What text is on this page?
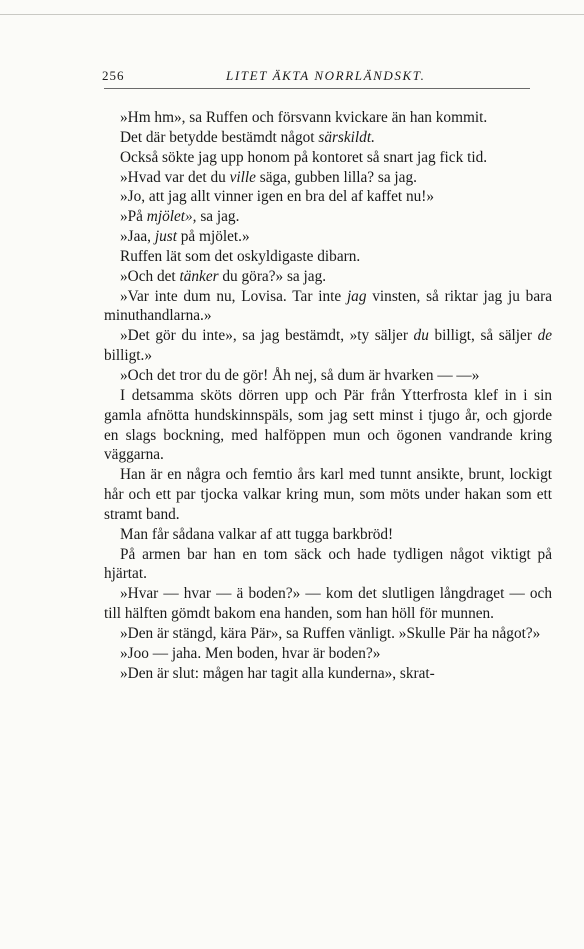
256	LITET ÄKTA NORRLÄNDSKT.

»Hm hm», sa Ruffen och försvann kvickare än han kommit.

Det där betydde bestämdt något särskildt.

Också sökte jag upp honom på kontoret så snart jag fick tid.

»Hvad var det du ville säga, gubben lilla? sa jag.

»Jo, att jag allt vinner igen en bra del af kaffet nu!»

»På mjölet», sa jag.

»Jaa, just på mjölet.»

Ruffen lät som det oskyldigaste dibarn.

»Och det tänker du göra?» sa jag.

»Var inte dum nu, Lovisa. Tar inte jag vinsten, så riktar jag ju bara minuthandlarna.»

»Det gör du inte», sa jag bestämdt, »ty säljer du billigt, så säljer de billigt.»

»Och det tror du de gör! Åh nej, så dum är hvarken — —»

I detsamma sköts dörren upp och Pär från Ytterfrosta klef in i sin gamla afnötta hundskinnspäls, som jag sett minst i tjugo år, och gjorde en slags bockning, med halföppen mun och ögonen vandrande kring väggarna.

Han är en några och femtio års karl med tunnt ansikte, brunt, lockigt hår och ett par tjocka valkar kring mun, som möts under hakan som ett stramt band.

Man får sådana valkar af att tugga barkbröd!

På armen bar han en tom säck och hade tydligen något viktigt på hjärtat.

»Hvar — hvar — ä boden?» — kom det slutligen långdraget — och till hälften gömdt bakom ena handen, som han höll för munnen.

»Den är stängd, kära Pär», sa Ruffen vänligt. »Skulle Pär ha något?»

»Joo — jaha. Men boden, hvar är boden?»

»Den är slut: mågen har tagit alla kunderna», skrat-
